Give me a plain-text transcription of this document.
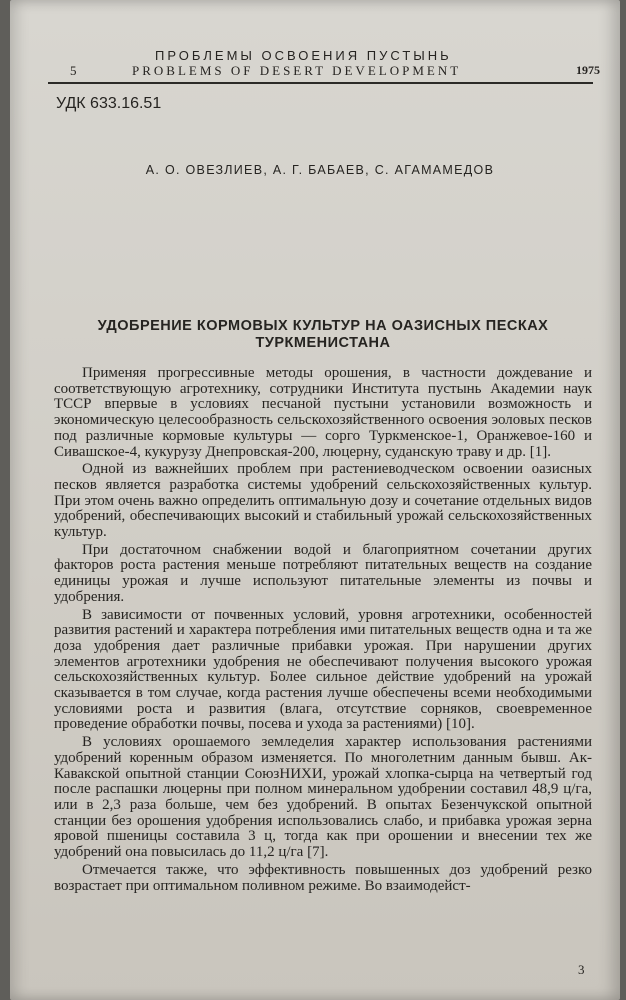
ПРОБЛЕМЫ ОСВОЕНИЯ ПУСТЫНЬ
5	PROBLEMS OF DESERT DEVELOPMENT	1975
УДК 633.16.51
А. О. ОВЕЗЛИЕВ, А. Г. БАБАЕВ, С. АГАМАМЕДОВ
УДОБРЕНИЕ КОРМОВЫХ КУЛЬТУР НА ОАЗИСНЫХ ПЕСКАХ ТУРКМЕНИСТАНА

Применяя прогрессивные методы орошения, в частности дождевание и соответствующую агротехнику, сотрудники Института пустынь Академии наук ТССР впервые в условиях песчаной пустыни установили возможность и экономическую целесообразность сельскохозяйственного освоения эоловых песков под различные кормовые культуры — сорго Туркменское-1, Оранжевое-160 и Сивашское-4, кукурузу Днепровская-200, люцерну, суданскую траву и др. [1].

Одной из важнейших проблем при растениеводческом освоении оазисных песков является разработка системы удобрений сельскохозяйственных культур. При этом очень важно определить оптимальную дозу и сочетание отдельных видов удобрений, обеспечивающих высокий и стабильный урожай сельскохозяйственных культур.

При достаточном снабжении водой и благоприятном сочетании других факторов роста растения меньше потребляют питательных веществ на создание единицы урожая и лучше используют питательные элементы из почвы и удобрения.

В зависимости от почвенных условий, уровня агротехники, особенностей развития растений и характера потребления ими питательных веществ одна и та же доза удобрения дает различные прибавки урожая. При нарушении других элементов агротехники удобрения не обеспечивают получения высокого урожая сельскохозяйственных культур. Более сильное действие удобрений на урожай сказывается в том случае, когда растения лучше обеспечены всеми необходимыми условиями роста и развития (влага, отсутствие сорняков, своевременное проведение обработки почвы, посева и ухода за растениями) [10].

В условиях орошаемого земледелия характер использования растениями удобрений коренным образом изменяется. По многолетним данным бывш. Ак-Кавакской опытной станции СоюзНИХИ, урожай хлопка-сырца на четвертый год после распашки люцерны при полном минеральном удобрении составил 48,9 ц/га, или в 2,3 раза больше, чем без удобрений. В опытах Безенчукской опытной станции без орошения удобрения использовались слабо, и прибавка урожая зерна яровой пшеницы составила 3 ц, тогда как при орошении и внесении тех же удобрений она повысилась до 11,2 ц/га [7].

Отмечается также, что эффективность повышенных доз удобрений резко возрастает при оптимальном поливном режиме. Во взаимодейст-

3
